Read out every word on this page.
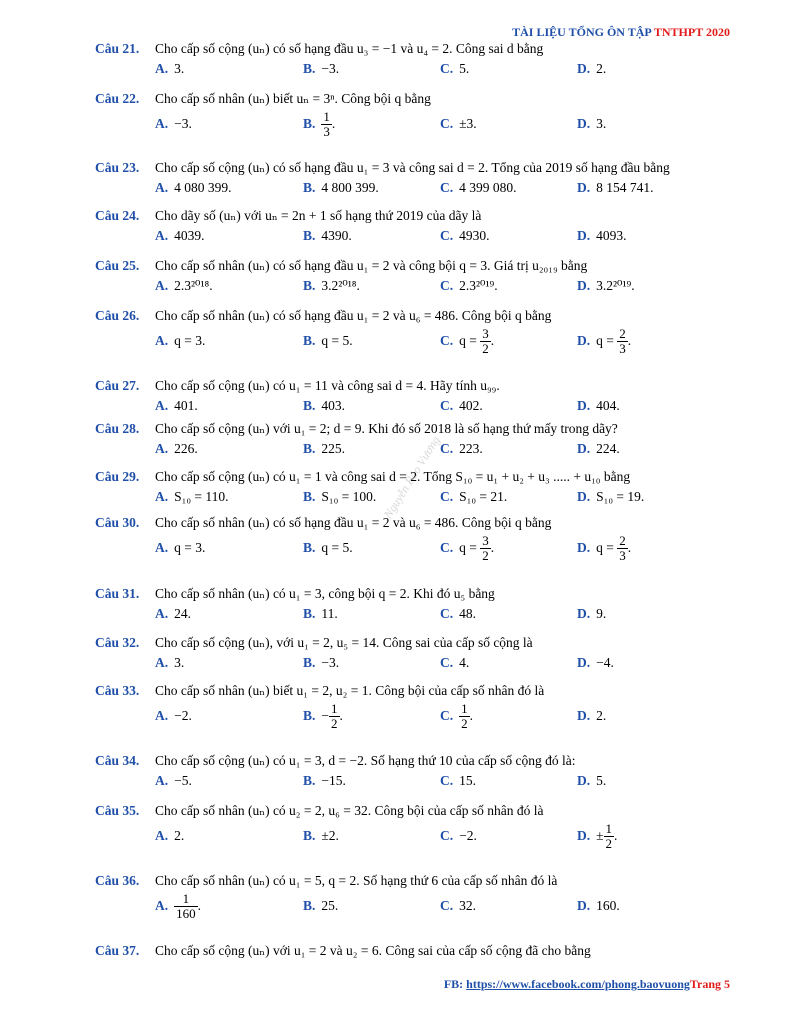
TÀI LIỆU TỔNG ÔN TẬP TNTHPT 2020
Nguyễn Bảo Vương
Câu 21. Cho cấp số cộng (uₙ) có số hạng đầu u₃ = −1 và u₄ = 2. Công sai d bằng
A. 3.	B. −3.	C. 5.	D. 2.
Câu 22. Cho cấp số nhân (uₙ) biết uₙ = 3ⁿ. Công bội q bằng
A. −3.	B. $\frac{1}{3}$ .	C. ±3.	D. 3.
Câu 23. Cho cấp số cộng (uₙ) có số hạng đầu u₁ = 3 và công sai d = 2. Tổng của 2019 số hạng đầu bằng
A. 4 080 399.	B. 4 800 399.	C. 4 399 080.	D. 8 154 741.
Câu 24. Cho dãy số (uₙ) với uₙ = 2n + 1 số hạng thứ 2019 của dãy là
A. 4039.	B. 4390.	C. 4930.	D. 4093.
Câu 25. Cho cấp số nhân (uₙ) có số hạng đầu u₁ = 2 và công bội q = 3. Giá trị u₂₀₁₉ bằng
A. 2.3²⁰¹⁸.	B. 3.2²⁰¹⁸.	C. 2.3²⁰¹⁹.	D. 3.2²⁰¹⁹.
Câu 26. Cho cấp số nhân (uₙ) có số hạng đầu u₁ = 2 và u₆ = 486. Công bội q bằng
A. q = 3.	B. q = 5.	C. $q = \frac{3}{2}$ .	D. $q = \frac{2}{3}$ .
Câu 27. Cho cấp số cộng (uₙ) có u₁ = 11 và công sai d = 4. Hãy tính u₉₉.
A. 401.	B. 403.	C. 402.	D. 404.
Câu 28. Cho cấp số cộng (uₙ) với u₁ = 2; d = 9. Khi đó số 2018 là số hạng thứ mấy trong dãy?
A. 226.	B. 225.	C. 223.	D. 224.
Câu 29. Cho cấp số cộng (uₙ) có u₁ = 1 và công sai d = 2. Tổng S₁₀ = u₁ + u₂ + u₃ ..... + u₁₀ bằng
A. S₁₀ = 110.	B. S₁₀ = 100.	C. S₁₀ = 21.	D. S₁₀ = 19.
Câu 30. Cho cấp số nhân (uₙ) có số hạng đầu u₁ = 2 và u₆ = 486. Công bội q bằng
A. q = 3.	B. q = 5.	C. $q = \frac{3}{2}$ .	D. $q = \frac{2}{3}$ .
Câu 31. Cho cấp số nhân (uₙ) có u₁ = 3, công bội q = 2. Khi đó u₅ bằng
A. 24.	B. 11.	C. 48.	D. 9.
Câu 32. Cho cấp số cộng (uₙ), với u₁ = 2, u₅ = 14. Công sai của cấp số cộng là
A. 3.	B. −3.	C. 4.	D. −4.
Câu 33. Cho cấp số nhân (uₙ) biết u₁ = 2, u₂ = 1. Công bội của cấp số nhân đó là
A. −2.	B. − $\frac{1}{2}$ .	C. $\frac{1}{2}$ .	D. 2.
Câu 34. Cho cấp số cộng (uₙ) có u₁ = 3, d = −2. Số hạng thứ 10 của cấp số cộng đó là:
A. −5.	B. −15.	C. 15.	D. 5.
Câu 35. Cho cấp số nhân (uₙ) có u₂ = 2, u₆ = 32. Công bội của cấp số nhân đó là
A. 2.	B. ±2.	C. −2.	D. ± $\frac{1}{2}$ .
Câu 36. Cho cấp số nhân (uₙ) có u₁ = 5, q = 2. Số hạng thứ 6 của cấp số nhân đó là
A. $\frac{1}{160}$ .	B. 25.	C. 32.	D. 160.
Câu 37. Cho cấp số cộng (uₙ) với u₁ = 2 và u₂ = 6. Công sai của cấp số cộng đã cho bằng
FB: https://www.facebook.com/phong.baovuongTrang 5
